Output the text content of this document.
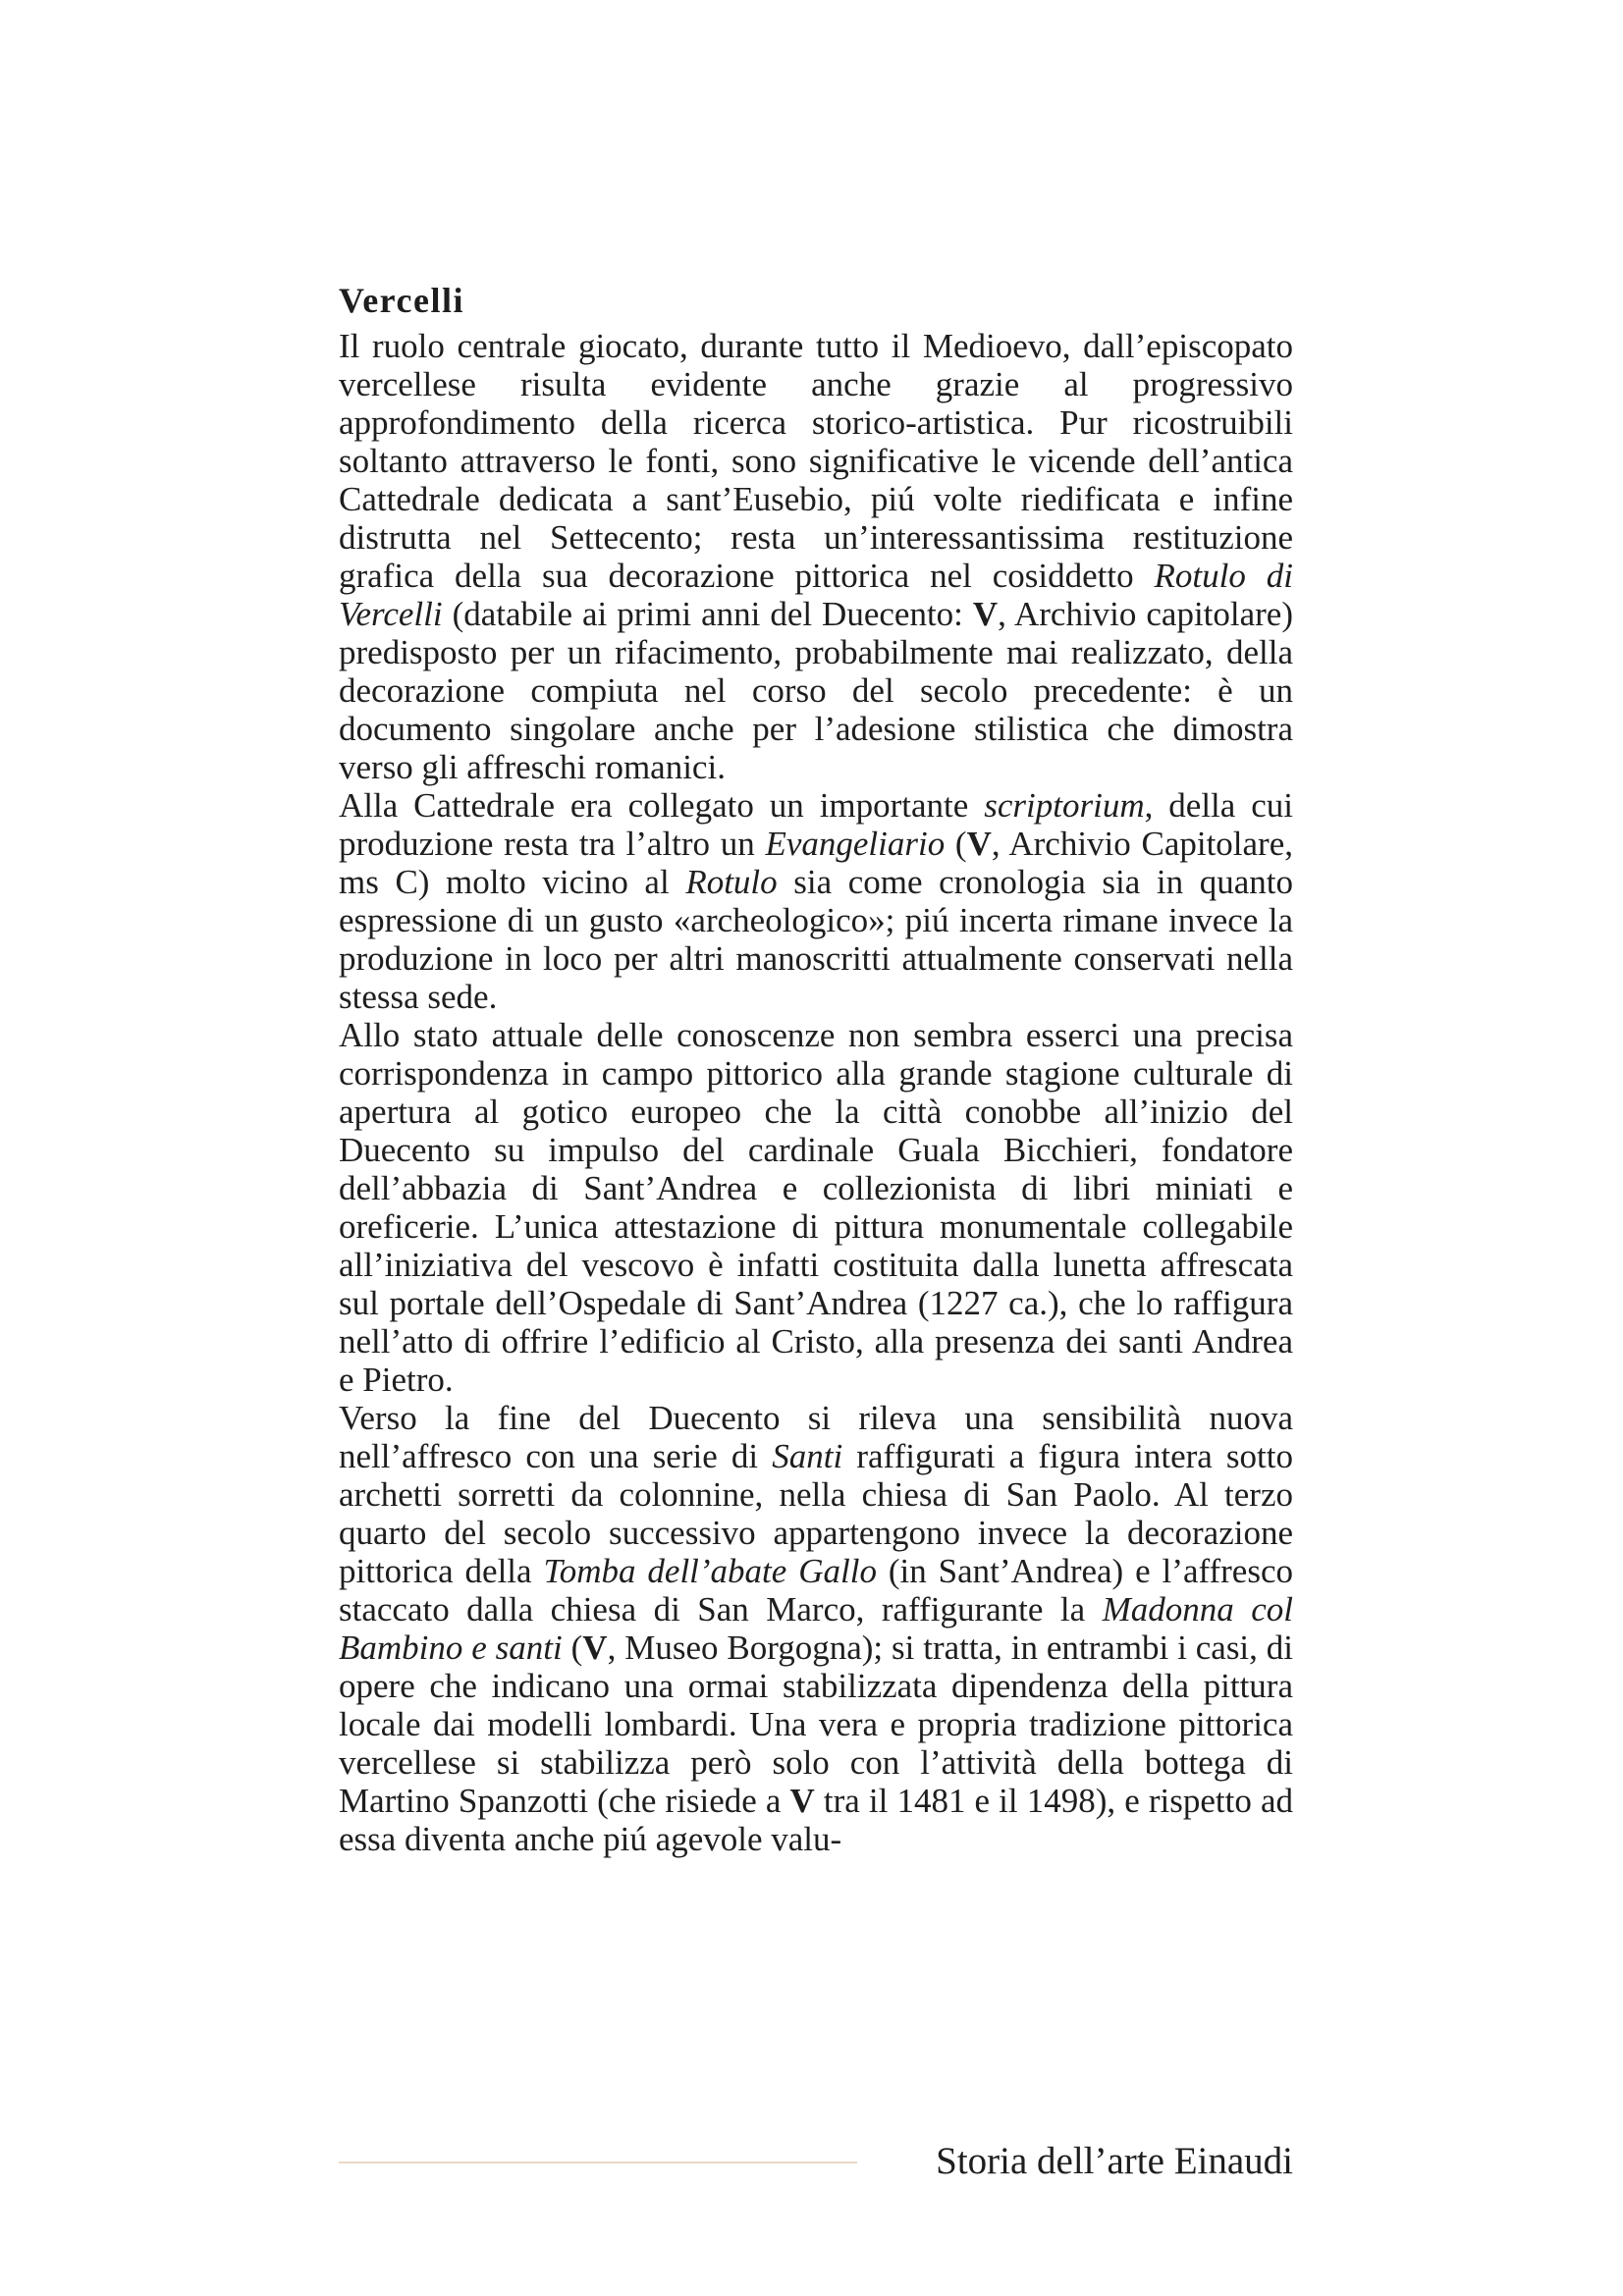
Vercelli

Il ruolo centrale giocato, durante tutto il Medioevo, dall’episcopato vercellese risulta evidente anche grazie al progressivo approfondimento della ricerca storico-artistica. Pur ricostruibili soltanto attraverso le fonti, sono significative le vicende dell’antica Cattedrale dedicata a sant’Eusebio, piú volte riedificata e infine distrutta nel Settecento; resta un’interessantissima restituzione grafica della sua decorazione pittorica nel cosiddetto Rotulo di Vercelli (databile ai primi anni del Duecento: V, Archivio capitolare) predisposto per un rifacimento, probabilmente mai realizzato, della decorazione compiuta nel corso del secolo precedente: è un documento singolare anche per l’adesione stilistica che dimostra verso gli affreschi romanici.

Alla Cattedrale era collegato un importante scriptorium, della cui produzione resta tra l’altro un Evangeliario (V, Archivio Capitolare, ms C) molto vicino al Rotulo sia come cronologia sia in quanto espressione di un gusto «archeologico»; piú incerta rimane invece la produzione in loco per altri manoscritti attualmente conservati nella stessa sede.

Allo stato attuale delle conoscenze non sembra esserci una precisa corrispondenza in campo pittorico alla grande stagione culturale di apertura al gotico europeo che la città conobbe all’inizio del Duecento su impulso del cardinale Guala Bicchieri, fondatore dell’abbazia di Sant’Andrea e collezionista di libri miniati e oreficerie. L’unica attestazione di pittura monumentale collegabile all’iniziativa del vescovo è infatti costituita dalla lunetta affrescata sul portale dell’Ospedale di Sant’Andrea (1227 ca.), che lo raffigura nell’atto di offrire l’edificio al Cristo, alla presenza dei santi Andrea e Pietro.

Verso la fine del Duecento si rileva una sensibilità nuova nell’affresco con una serie di Santi raffigurati a figura intera sotto archetti sorretti da colonnine, nella chiesa di San Paolo. Al terzo quarto del secolo successivo appartengono invece la decorazione pittorica della Tomba dell’abate Gallo (in Sant’Andrea) e l’affresco staccato dalla chiesa di San Marco, raffigurante la Madonna col Bambino e santi (V, Museo Borgogna); si tratta, in entrambi i casi, di opere che indicano una ormai stabilizzata dipendenza della pittura locale dai modelli lombardi. Una vera e propria tradizione pittorica vercellese si stabilizza però solo con l’attività della bottega di Martino Spanzotti (che risiede a V tra il 1481 e il 1498), e rispetto ad essa diventa anche piú agevole valu-

Storia dell’arte Einaudi
